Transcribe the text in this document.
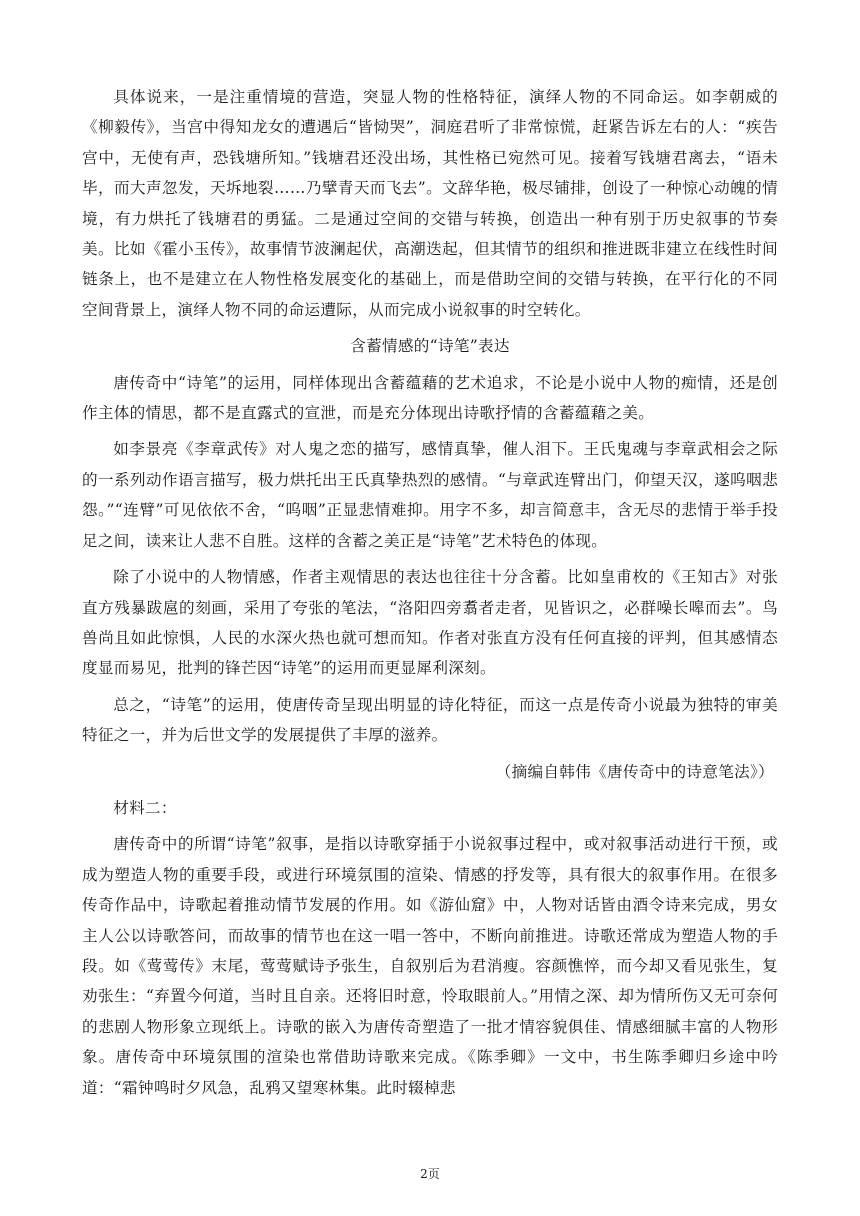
具体说来，一是注重情境的营造，突显人物的性格特征，演绎人物的不同命运。如李朝威的《柳毅传》，当宫中得知龙女的遭遇后“皆恸哭”，洞庭君听了非常惊慌，赶紧告诉左右的人：“疾告宫中，无使有声，恐钱塘所知。”钱塘君还没出场，其性格已宛然可见。接着写钱塘君离去，“语未毕，而大声忽发，天坼地裂……乃擘青天而飞去”。文辞华艳，极尽铺排，创设了一种惊心动魄的情境，有力烘托了钱塘君的勇猛。二是通过空间的交错与转换，创造出一种有别于历史叙事的节奏美。比如《霍小玉传》，故事情节波澜起伏，高潮迭起，但其情节的组织和推进既非建立在线性时间链条上，也不是建立在人物性格发展变化的基础上，而是借助空间的交错与转换，在平行化的不同空间背景上，演绎人物不同的命运遭际，从而完成小说叙事的时空转化。

含蓄情感的“诗笔”表达

唐传奇中“诗笔”的运用，同样体现出含蓄蕴藉的艺术追求，不论是小说中人物的痴情，还是创作主体的情思，都不是直露式的宣泄，而是充分体现出诗歌抒情的含蓄蕴藉之美。

如李景亮《李章武传》对人鬼之恋的描写，感情真挚，催人泪下。王氏鬼魂与李章武相会之际的一系列动作语言描写，极力烘托出王氏真挚热烈的感情。“与章武连臂出门，仰望天汉，遂呜咽悲怨。”“连臂”可见依依不舍，“呜咽”正显悲情难抑。用字不多，却言简意丰，含无尽的悲情于举手投足之间，读来让人悲不自胜。这样的含蓄之美正是“诗笔”艺术特色的体现。

除了小说中的人物情感，作者主观情思的表达也往往十分含蓄。比如皇甫枚的《王知古》对张直方残暴跋扈的刻画，采用了夸张的笔法，“洛阳四旁翥者走者，见皆识之，必群噪长嗥而去”。鸟兽尚且如此惊惧，人民的水深火热也就可想而知。作者对张直方没有任何直接的评判，但其感情态度显而易见，批判的锋芒因“诗笔”的运用而更显犀利深刻。

总之，“诗笔”的运用，使唐传奇呈现出明显的诗化特征，而这一点是传奇小说最为独特的审美特征之一，并为后世文学的发展提供了丰厚的滋养。

（摘编自韩伟《唐传奇中的诗意笔法》）

材料二：

唐传奇中的所谓“诗笔”叙事，是指以诗歌穿插于小说叙事过程中，或对叙事活动进行干预，或成为塑造人物的重要手段，或进行环境氛围的渲染、情感的抒发等，具有很大的叙事作用。在很多传奇作品中，诗歌起着推动情节发展的作用。如《游仙窟》中，人物对话皆由酒令诗来完成，男女主人公以诗歌答问，而故事的情节也在这一唱一答中，不断向前推进。诗歌还常成为塑造人物的手段。如《莺莺传》末尾，莺莺赋诗予张生，自叙别后为君消瘦。容颜憔悴，而今却又看见张生，复劝张生：“弃置今何道，当时且自亲。还将旧时意，怜取眼前人。”用情之深、却为情所伤又无可奈何的悲剧人物形象立现纸上。诗歌的嵌入为唐传奇塑造了一批才情容貌俱佳、情感细腻丰富的人物形象。唐传奇中环境氛围的渲染也常借助诗歌来完成。《陈季卿》一文中，书生陈季卿归乡途中吟道：“霜钟鸣时夕风急，乱鸦又望寒林集。此时辍棹悲

2页
